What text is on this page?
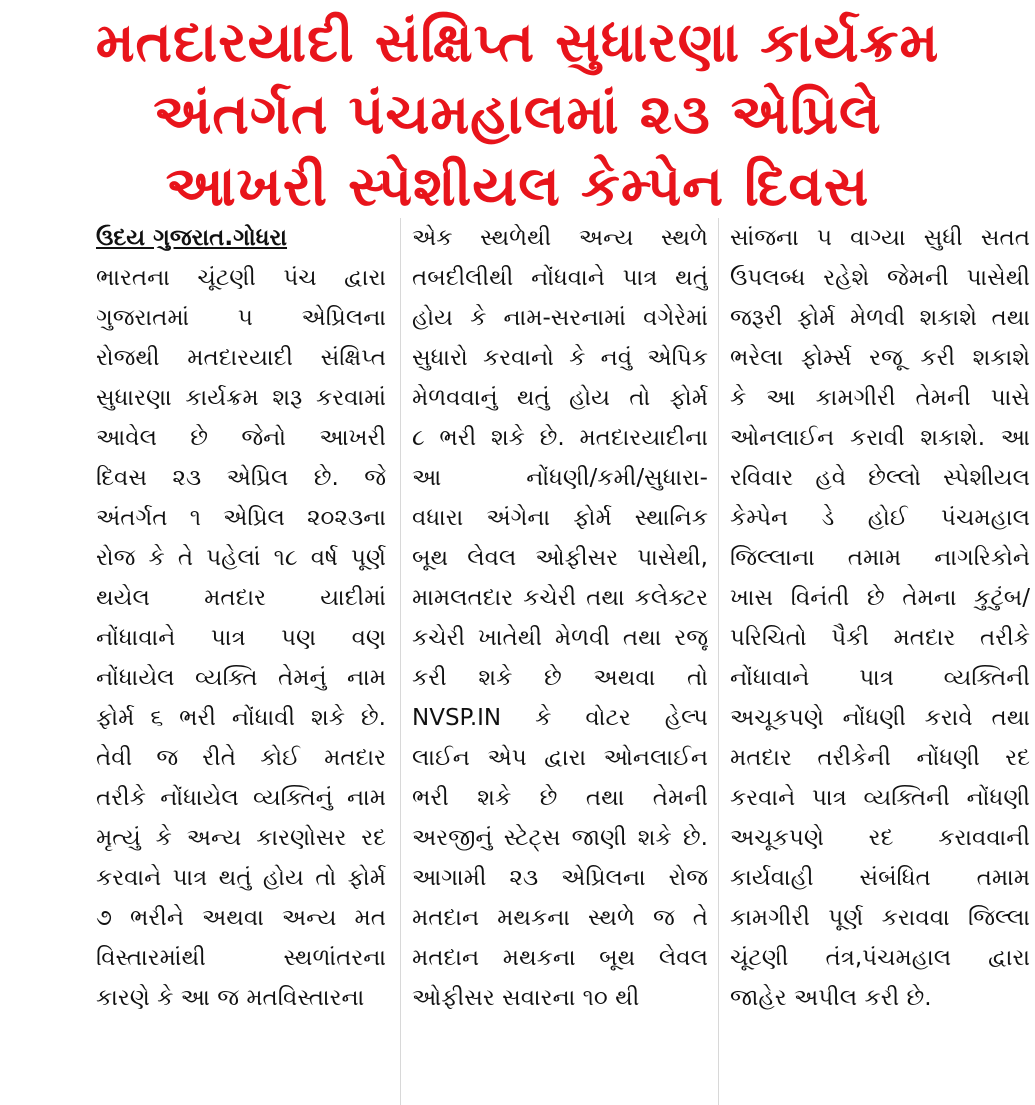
મતદારયાદી સંક્ષિપ્ત સુધારણા કાર્યક્રમ
અંતર્ગત પંચમહાલમાં ૨૩ એપ્રિલે
આખરી સ્પેશીયલ કેમ્પેન દિવસ
ઉદય ગુજરાત.ગોધરા
ભારતના ચૂંટણી પંચ દ્વારા
ગુજરાતમાં ૫ એપ્રિલના
રોજથી મતદારયાદી સંક્ષિપ્ત
સુધારણા કાર્યક્રમ શરૂ કરવામાં
આવેલ છે જેનો આખરી
દિવસ ૨૩ એપ્રિલ છે. જે
અંતર્ગત ૧ એપ્રિલ ૨૦૨૩ના
રોજ કે તે પહેલાં ૧૮ વર્ષ પૂર્ણ
થયેલ મતદાર યાદીમાં
નોંધાવાને પાત્ર પણ વણ
નોંધાયેલ વ્યક્તિ તેમનું નામ
ફોર્મ ૬ ભરી નોંધાવી શકે છે.
તેવી જ રીતે કોઈ મતદાર
તરીકે નોંધાયેલ વ્યક્તિનું નામ
મૃત્યું કે અન્ય કારણોસર રદ
કરવાને પાત્ર થતું હોય તો ફોર્મ
૭ ભરીને અથવા અન્ય મત
વિસ્તારમાંથી સ્થળાંતરના
કારણે કે આ જ મતવિસ્તારના
એક સ્થળેથી અન્ય સ્થળે
તબદીલીથી નોંધવાને પાત્ર થતું
હોય કે નામ-સરનામાં વગેરેમાં
સુધારો કરવાનો કે નવું એપિક
મેળવવાનું થતું હોય તો ફોર્મ
૮ ભરી શકે છે. મતદારયાદીના
આ નોંધણી/કમી/સુધારા-
વધારા અંગેના ફોર્મ સ્થાનિક
બૂથ લેવલ ઓફીસર પાસેથી,
મામલતદાર કચેરી તથા કલેક્ટર
કચેરી ખાતેથી મેળવી તથા રજૂ
કરી શકે છે અથવા તો
NVSP.IN કે વોટર હેલ્પ
લાઈન એપ દ્વારા ઓનલાઈન
ભરી શકે છે તથા તેમની
અરજીનું સ્ટેટ્સ જાણી શકે છે.
આગામી ૨૩ એપ્રિલના રોજ
મતદાન મથકના સ્થળે જ તે
મતદાન મથકના બૂથ લેવલ
ઓફીસર સવારના ૧૦ થી
સાંજના ૫ વાગ્યા સુધી સતત
ઉપલબ્ધ રહેશે જેમની પાસેથી
જરૂરી ફોર્મ મેળવી શકાશે તથા
ભરેલા ફોર્મ્સ રજૂ કરી શકાશે
કે આ કામગીરી તેમની પાસે
ઓનલાઈન કરાવી શકાશે. આ
રવિવાર હવે છેલ્લો સ્પેશીયલ
કેમ્પેન ડે હોઈ પંચમહાલ
જિલ્લાના તમામ નાગરિકોને
ખાસ વિનંતી છે તેમના કુટુંબ/
પરિચિતો પૈકી મતદાર તરીકે
નોંધાવાને પાત્ર વ્યક્તિની
અચૂકપણે નોંધણી કરાવે તથા
મતદાર તરીકેની નોંધણી રદ
કરવાને પાત્ર વ્યક્તિની નોંધણી
અચૂકપણે રદ કરાવવાની
કાર્યવાહી સંબંધિત તમામ
કામગીરી પૂર્ણ કરાવવા જિલ્લા
ચૂંટણી તંત્ર,પંચમહાલ દ્વારા
જાહેર અપીલ કરી છે.
